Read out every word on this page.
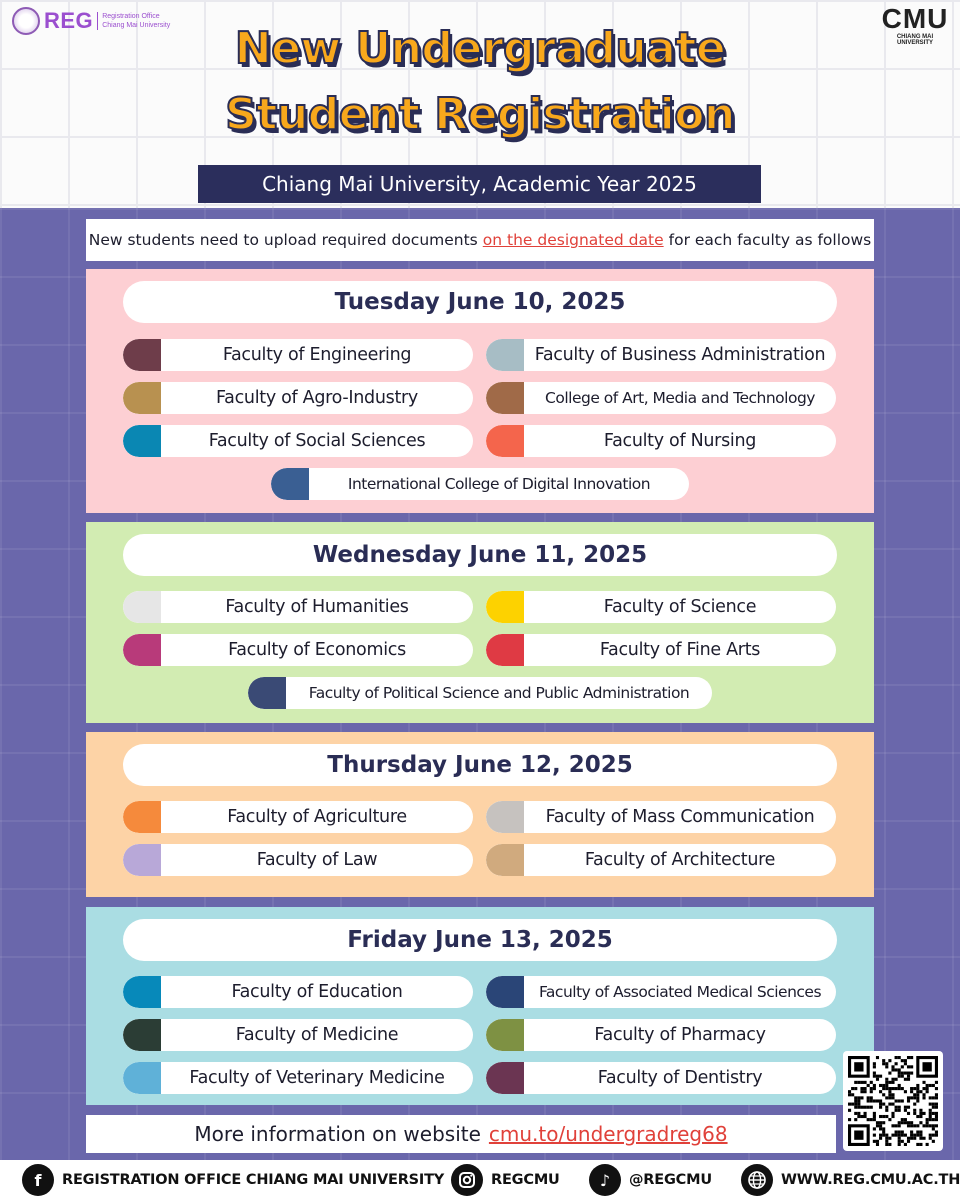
REG Registration Office
Chiang Mai University	CMU
CHIANG MAI UNIVERSITY
New Undergraduate
Student Registration
Chiang Mai University, Academic Year 2025
New students need to upload required documents on the designated date for each faculty as follows
Tuesday June 10, 2025
Faculty of Engineering	Faculty of Business Administration
Faculty of Agro-Industry	College of Art, Media and Technology
Faculty of Social Sciences	Faculty of Nursing
International College of Digital Innovation
Wednesday June 11, 2025
Faculty of Humanities	Faculty of Science
Faculty of Economics	Faculty of Fine Arts
Faculty of Political Science and Public Administration
Thursday June 12, 2025
Faculty of Agriculture	Faculty of Mass Communication
Faculty of Law	Faculty of Architecture
Friday June 13, 2025
Faculty of Education	Faculty of Associated Medical Sciences
Faculty of Medicine	Faculty of Pharmacy
Faculty of Veterinary Medicine	Faculty of Dentistry
More information on website cmu.to/undergradreg68
f	REGISTRATION OFFICE CHIANG MAI UNIVERSITY	REGCMU	♪	@REGCMU	WWW.REG.CMU.AC.TH
